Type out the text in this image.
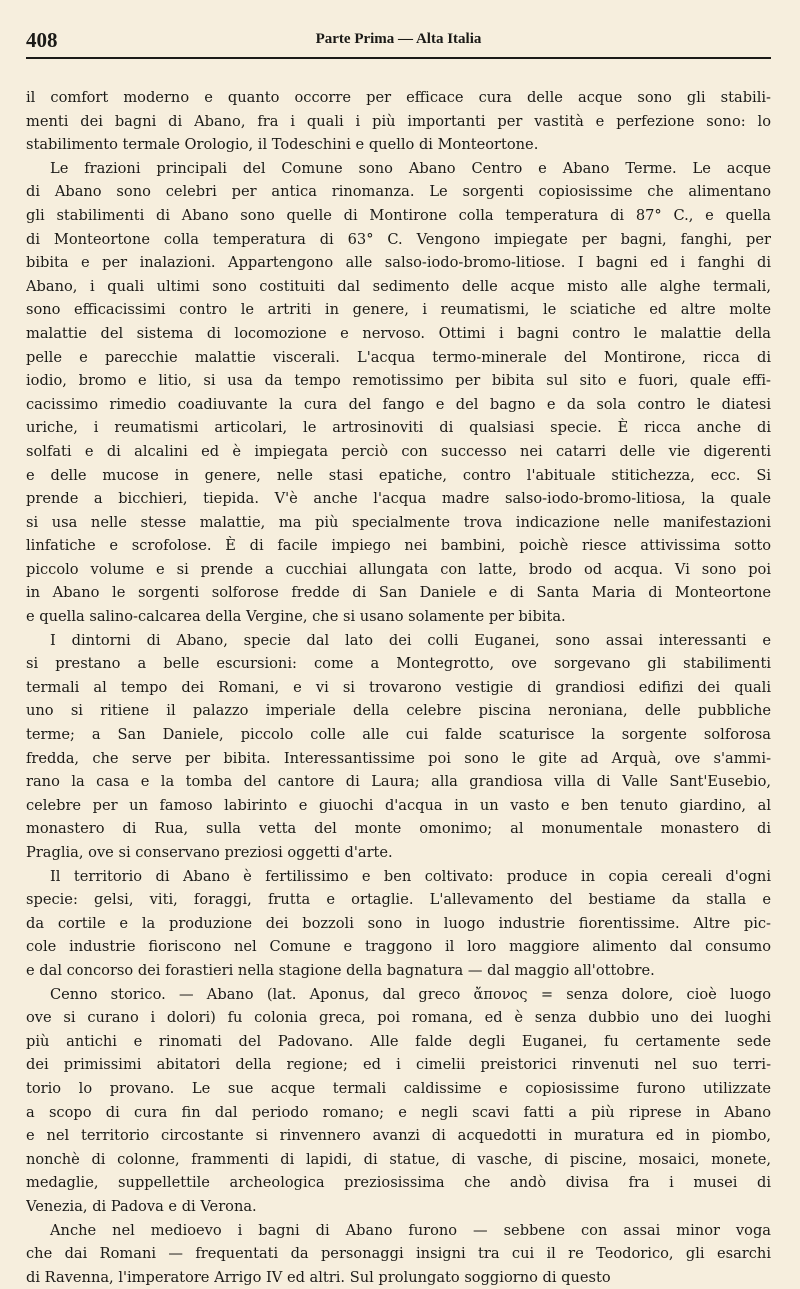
408	Parte Prima — Alta Italia

il comfort moderno e quanto occorre per efficace cura delle acque sono gli stabili-
menti dei bagni di Abano, fra i quali i più importanti per vastità e perfezione sono: lo
stabilimento termale Orologio, il Todeschini e quello di Monteortone.

Le frazioni principali del Comune sono Abano Centro e Abano Terme. Le acque
di Abano sono celebri per antica rinomanza. Le sorgenti copiosissime che alimentano
gli stabilimenti di Abano sono quelle di Montirone colla temperatura di 87° C., e quella
di Monteortone colla temperatura di 63° C. Vengono impiegate per bagni, fanghi, per
bibita e per inalazioni. Appartengono alle salso-iodo-bromo-litiose. I bagni ed i fanghi di
Abano, i quali ultimi sono costituiti dal sedimento delle acque misto alle alghe termali,
sono efficacissimi contro le artriti in genere, i reumatismi, le sciatiche ed altre molte
malattie del sistema di locomozione e nervoso. Ottimi i bagni contro le malattie della
pelle e parecchie malattie viscerali. L'acqua termo-minerale del Montirone, ricca di
iodio, bromo e litio, si usa da tempo remotissimo per bibita sul sito e fuori, quale effi-
cacissimo rimedio coadiuvante la cura del fango e del bagno e da sola contro le diatesi
uriche, i reumatismi articolari, le artrosinoviti di qualsiasi specie. È ricca anche di
solfati e di alcalini ed è impiegata perciò con successo nei catarri delle vie digerenti
e delle mucose in genere, nelle stasi epatiche, contro l'abituale stitichezza, ecc. Si
prende a bicchieri, tiepida. V'è anche l'acqua madre salso-iodo-bromo-litiosa, la quale
si usa nelle stesse malattie, ma più specialmente trova indicazione nelle manifestazioni
linfatiche e scrofolose. È di facile impiego nei bambini, poichè riesce attivissima sotto
piccolo volume e si prende a cucchiai allungata con latte, brodo od acqua. Vi sono poi
in Abano le sorgenti solforose fredde di San Daniele e di Santa Maria di Monteortone
e quella salino-calcarea della Vergine, che si usano solamente per bibita.

I dintorni di Abano, specie dal lato dei colli Euganei, sono assai interessanti e
si prestano a belle escursioni: come a Montegrotto, ove sorgevano gli stabilimenti
termali al tempo dei Romani, e vi si trovarono vestigie di grandiosi edifizi dei quali
uno si ritiene il palazzo imperiale della celebre piscina neroniana, delle pubbliche
terme; a San Daniele, piccolo colle alle cui falde scaturisce la sorgente solforosa
fredda, che serve per bibita. Interessantissime poi sono le gite ad Arquà, ove s'ammi-
rano la casa e la tomba del cantore di Laura; alla grandiosa villa di Valle Sant'Eusebio,
celebre per un famoso labirinto e giuochi d'acqua in un vasto e ben tenuto giardino, al
monastero di Rua, sulla vetta del monte omonimo; al monumentale monastero di
Praglia, ove si conservano preziosi oggetti d'arte.

Il territorio di Abano è fertilissimo e ben coltivato: produce in copia cereali d'ogni
specie: gelsi, viti, foraggi, frutta e ortaglie. L'allevamento del bestiame da stalla e
da cortile e la produzione dei bozzoli sono in luogo industrie fiorentissime. Altre pic-
cole industrie fioriscono nel Comune e traggono il loro maggiore alimento dal consumo
e dal concorso dei forastieri nella stagione della bagnatura — dal maggio all'ottobre.

Cenno storico. — Abano (lat. Aponus, dal greco ἄπονος = senza dolore, cioè luogo
ove si curano i dolori) fu colonia greca, poi romana, ed è senza dubbio uno dei luoghi
più antichi e rinomati del Padovano. Alle falde degli Euganei, fu certamente sede
dei primissimi abitatori della regione; ed i cimelii preistorici rinvenuti nel suo terri-
torio lo provano. Le sue acque termali caldissime e copiosissime furono utilizzate
a scopo di cura fin dal periodo romano; e negli scavi fatti a più riprese in Abano
e nel territorio circostante si rinvennero avanzi di acquedotti in muratura ed in piombo,
nonchè di colonne, frammenti di lapidi, di statue, di vasche, di piscine, mosaici, monete,
medaglie, suppellettile archeologica preziosissima che andò divisa fra i musei di
Venezia, di Padova e di Verona.

Anche nel medioevo i bagni di Abano furono — sebbene con assai minor voga
che dai Romani — frequentati da personaggi insigni tra cui il re Teodorico, gli esarchi
di Ravenna, l'imperatore Arrigo IV ed altri. Sul prolungato soggiorno di questo
